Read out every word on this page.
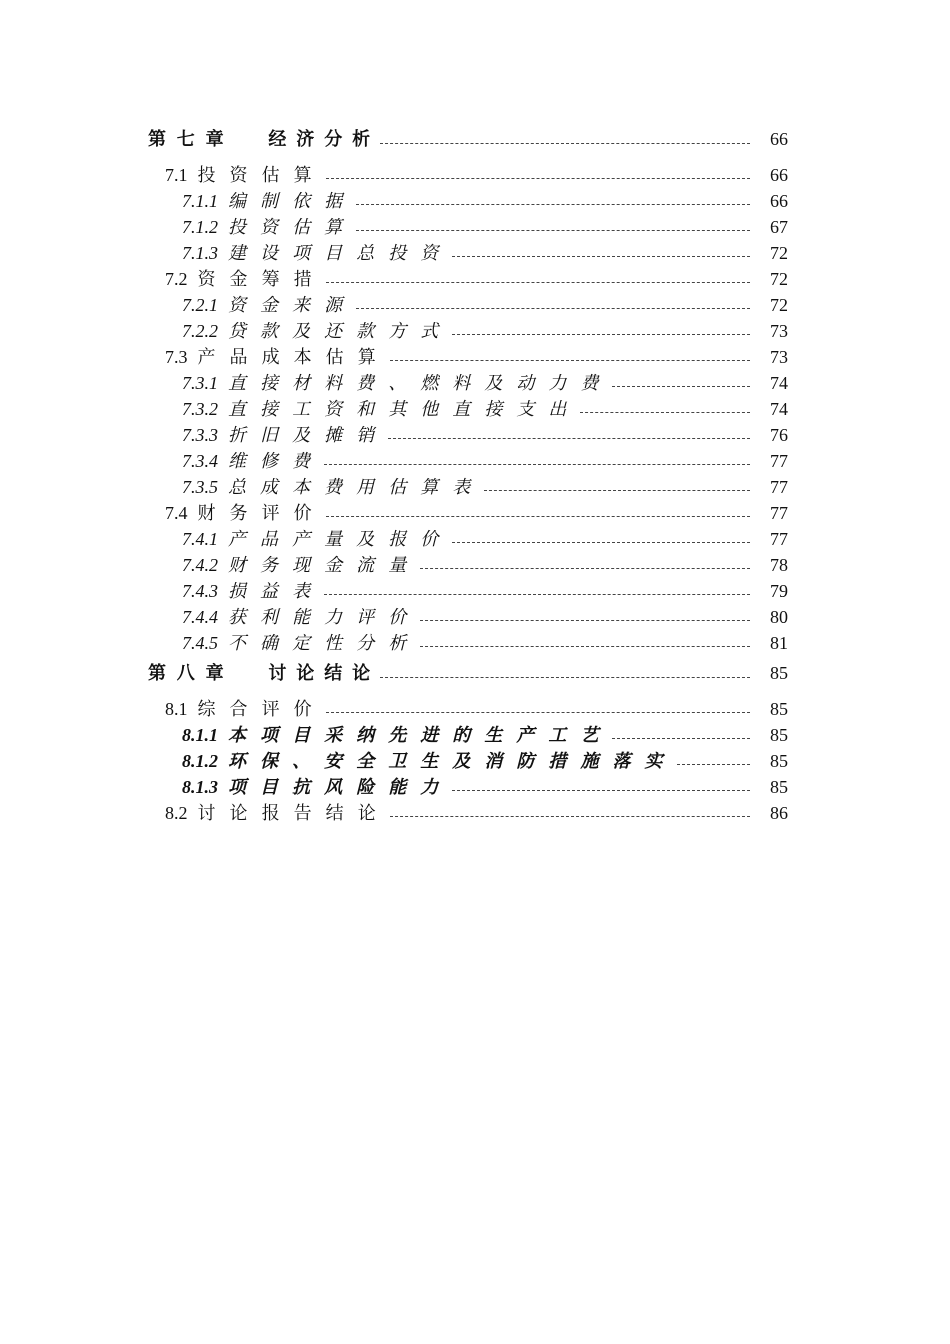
第七章 经济分析	66
7.1 投资估算	66
7.1.1 编制依据	66
7.1.2 投资估算	67
7.1.3 建设项目总投资	72
7.2 资金筹措	72
7.2.1 资金来源	72
7.2.2 贷款及还款方式	73
7.3 产品成本估算	73
7.3.1 直接材料费、燃料及动力费	74
7.3.2 直接工资和其他直接支出	74
7.3.3 折旧及摊销	76
7.3.4 维修费	77
7.3.5 总成本费用估算表	77
7.4 财务评价	77
7.4.1 产品产量及报价	77
7.4.2 财务现金流量	78
7.4.3 损益表	79
7.4.4 获利能力评价	80
7.4.5 不确定性分析	81
第八章 讨论结论	85
8.1 综合评价	85
8.1.1 本项目采纳先进的生产工艺	85
8.1.2 环保、安全卫生及消防措施落实	85
8.1.3 项目抗风险能力	85
8.2 讨论报告结论	86
